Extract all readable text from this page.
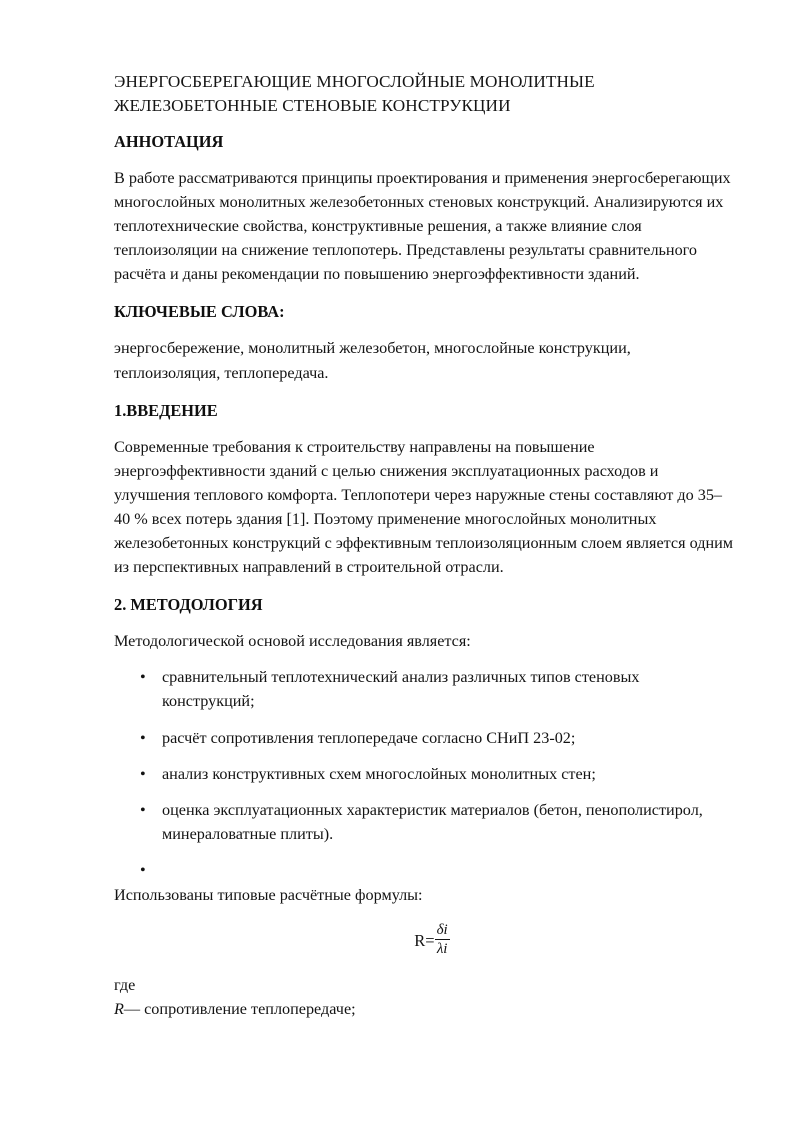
ЭНЕРГОСБЕРЕГАЮЩИЕ МНОГОСЛОЙНЫЕ МОНОЛИТНЫЕ ЖЕЛЕЗОБЕТОННЫЕ СТЕНОВЫЕ КОНСТРУКЦИИ
АННОТАЦИЯ

В работе рассматриваются принципы проектирования и применения энергосберегающих многослойных монолитных железобетонных стеновых конструкций. Анализируются их теплотехнические свойства, конструктивные решения, а также влияние слоя теплоизоляции на снижение теплопотерь. Представлены результаты сравнительного расчёта и даны рекомендации по повышению энергоэффективности зданий.

КЛЮЧЕВЫЕ СЛОВА:

энергосбережение, монолитный железобетон, многослойные конструкции, теплоизоляция, теплопередача.

1.ВВЕДЕНИЕ

Современные требования к строительству направлены на повышение энергоэффективности зданий с целью снижения эксплуатационных расходов и улучшения теплового комфорта. Теплопотери через наружные стены составляют до 35–40 % всех потерь здания [1]. Поэтому применение многослойных монолитных железобетонных конструкций с эффективным теплоизоляционным слоем является одним из перспективных направлений в строительной отрасли.

2. МЕТОДОЛОГИЯ

Методологической основой исследования является:

• сравнительный теплотехнический анализ различных типов стеновых конструкций;
• расчёт сопротивления теплопередаче согласно СНиП 23-02;
• анализ конструктивных схем многослойных монолитных стен;
• оценка эксплуатационных характеристик материалов (бетон, пенополистирол, минераловатные плиты).
•

Использованы типовые расчётные формулы:

$R= \frac{\delta i}{\lambda i}$

где

R— сопротивление теплопередаче;
